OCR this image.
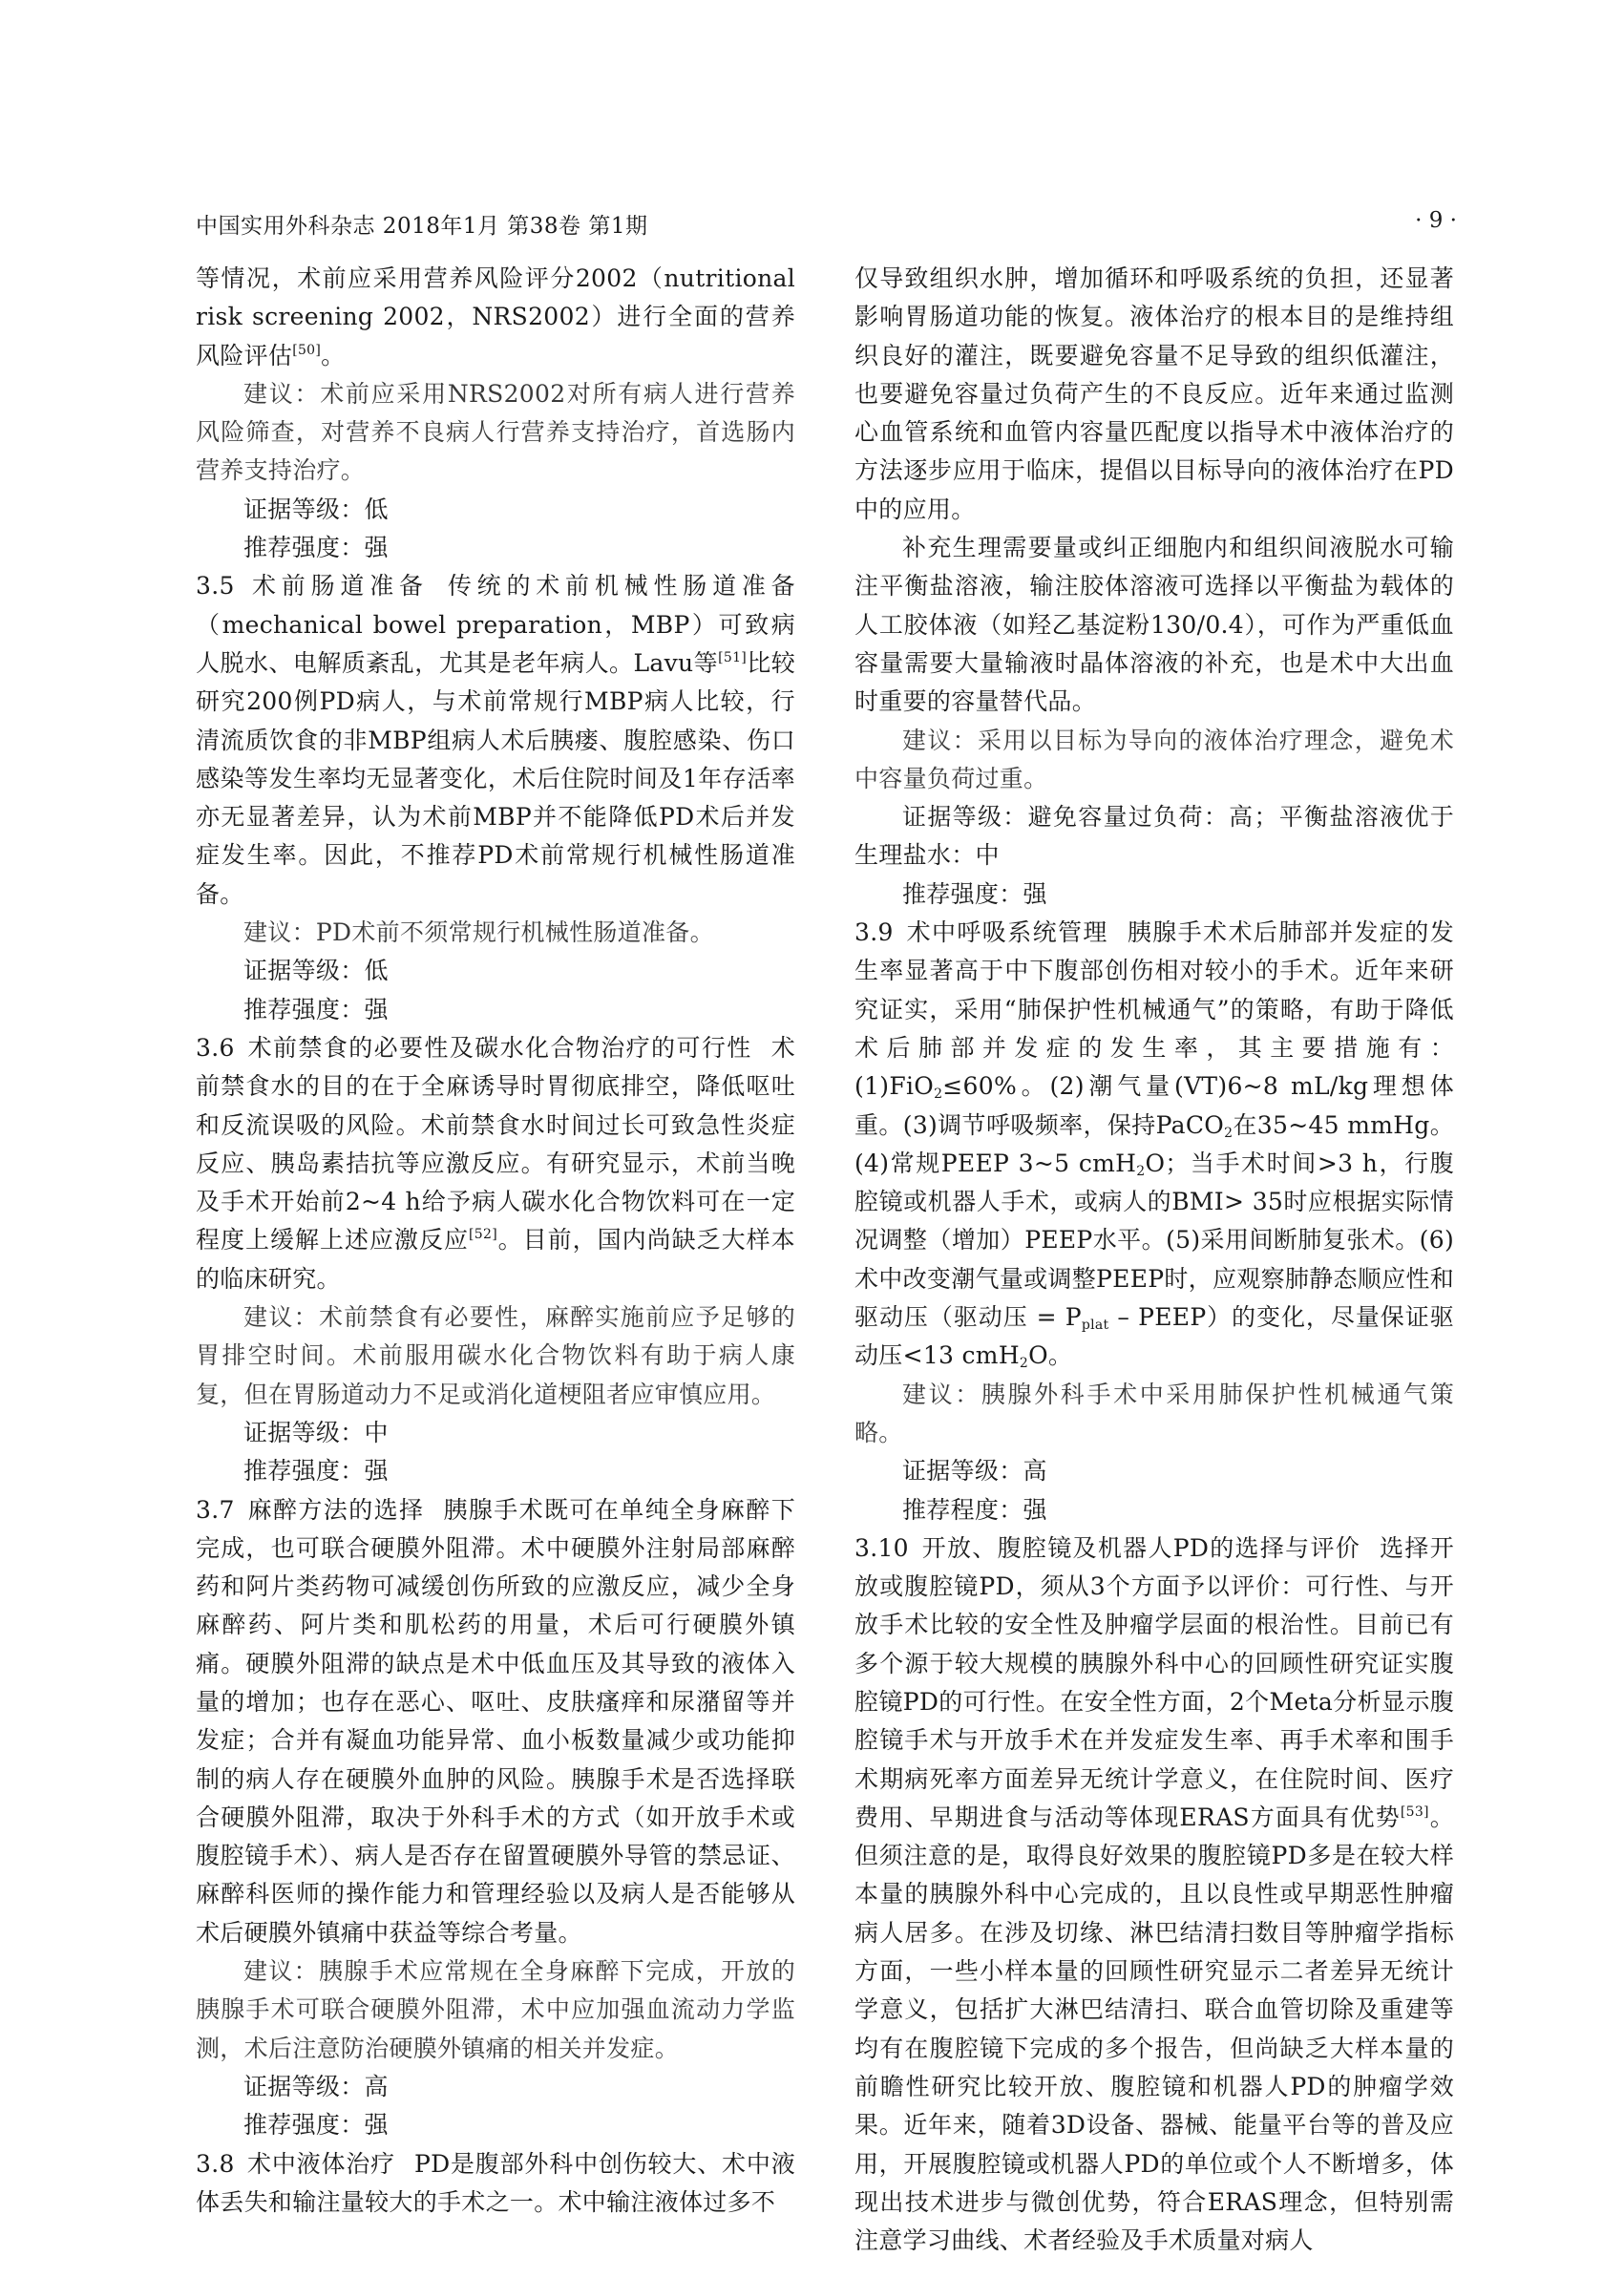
中国实用外科杂志 2018年1月 第38卷 第1期	· 9 ·

等情况，术前应采用营养风险评分2002（nutritional risk screening 2002，NRS2002）进行全面的营养风险评估[50]。

建议：术前应采用NRS2002对所有病人进行营养风险筛查，对营养不良病人行营养支持治疗，首选肠内营养支持治疗。

证据等级：低

推荐强度：强

3.5  术前肠道准备 传统的术前机械性肠道准备（mechanical bowel preparation，MBP）可致病人脱水、电解质紊乱，尤其是老年病人。Lavu等[51]比较研究200例PD病人，与术前常规行MBP病人比较，行清流质饮食的非MBP组病人术后胰瘘、腹腔感染、伤口感染等发生率均无显著变化，术后住院时间及1年存活率亦无显著差异，认为术前MBP并不能降低PD术后并发症发生率。因此，不推荐PD术前常规行机械性肠道准备。

建议：PD术前不须常规行机械性肠道准备。

证据等级：低

推荐强度：强

3.6  术前禁食的必要性及碳水化合物治疗的可行性 术前禁食水的目的在于全麻诱导时胃彻底排空，降低呕吐和反流误吸的风险。术前禁食水时间过长可致急性炎症反应、胰岛素拮抗等应激反应。有研究显示，术前当晚及手术开始前2~4 h给予病人碳水化合物饮料可在一定程度上缓解上述应激反应[52]。目前，国内尚缺乏大样本的临床研究。

建议：术前禁食有必要性，麻醉实施前应予足够的胃排空时间。术前服用碳水化合物饮料有助于病人康复，但在胃肠道动力不足或消化道梗阻者应审慎应用。

证据等级：中

推荐强度：强

3.7  麻醉方法的选择 胰腺手术既可在单纯全身麻醉下完成，也可联合硬膜外阻滞。术中硬膜外注射局部麻醉药和阿片类药物可减缓创伤所致的应激反应，减少全身麻醉药、阿片类和肌松药的用量，术后可行硬膜外镇痛。硬膜外阻滞的缺点是术中低血压及其导致的液体入量的增加；也存在恶心、呕吐、皮肤瘙痒和尿潴留等并发症；合并有凝血功能异常、血小板数量减少或功能抑制的病人存在硬膜外血肿的风险。胰腺手术是否选择联合硬膜外阻滞，取决于外科手术的方式（如开放手术或腹腔镜手术）、病人是否存在留置硬膜外导管的禁忌证、麻醉科医师的操作能力和管理经验以及病人是否能够从术后硬膜外镇痛中获益等综合考量。

建议：胰腺手术应常规在全身麻醉下完成，开放的胰腺手术可联合硬膜外阻滞，术中应加强血流动力学监测，术后注意防治硬膜外镇痛的相关并发症。

证据等级：高

推荐强度：强

3.8  术中液体治疗 PD是腹部外科中创伤较大、术中液体丢失和输注量较大的手术之一。术中输注液体过多不

仅导致组织水肿，增加循环和呼吸系统的负担，还显著影响胃肠道功能的恢复。液体治疗的根本目的是维持组织良好的灌注，既要避免容量不足导致的组织低灌注，也要避免容量过负荷产生的不良反应。近年来通过监测心血管系统和血管内容量匹配度以指导术中液体治疗的方法逐步应用于临床，提倡以目标导向的液体治疗在PD中的应用。

补充生理需要量或纠正细胞内和组织间液脱水可输注平衡盐溶液，输注胶体溶液可选择以平衡盐为载体的人工胶体液（如羟乙基淀粉130/0.4），可作为严重低血容量需要大量输液时晶体溶液的补充，也是术中大出血时重要的容量替代品。

建议：采用以目标为导向的液体治疗理念，避免术中容量负荷过重。

证据等级：避免容量过负荷：高；平衡盐溶液优于生理盐水：中

推荐强度：强

3.9  术中呼吸系统管理 胰腺手术术后肺部并发症的发生率显著高于中下腹部创伤相对较小的手术。近年来研究证实，采用“肺保护性机械通气”的策略，有助于降低术后肺部并发症的发生率，其主要措施有：(1)FiO$_2$≤60%。(2)潮气量(VT)6~8 mL/kg理想体重。(3)调节呼吸频率，保持PaCO$_2$在35~45 mmHg。(4)常规PEEP 3~5 cmH$_2$O；当手术时间>3 h，行腹腔镜或机器人手术，或病人的BMI> 35时应根据实际情况调整（增加）PEEP水平。(5)采用间断肺复张术。(6)术中改变潮气量或调整PEEP时，应观察肺静态顺应性和驱动压（驱动压 = $P_{plat}$ – PEEP）的变化，尽量保证驱动压<13 cmH$_2$O。

建议：胰腺外科手术中采用肺保护性机械通气策略。

证据等级：高

推荐程度：强

3.10  开放、腹腔镜及机器人PD的选择与评价 选择开放或腹腔镜PD，须从3个方面予以评价：可行性、与开放手术比较的安全性及肿瘤学层面的根治性。目前已有多个源于较大规模的胰腺外科中心的回顾性研究证实腹腔镜PD的可行性。在安全性方面，2个Meta分析显示腹腔镜手术与开放手术在并发症发生率、再手术率和围手术期病死率方面差异无统计学意义，在住院时间、医疗费用、早期进食与活动等体现ERAS方面具有优势[53]。但须注意的是，取得良好效果的腹腔镜PD多是在较大样本量的胰腺外科中心完成的，且以良性或早期恶性肿瘤病人居多。在涉及切缘、淋巴结清扫数目等肿瘤学指标方面，一些小样本量的回顾性研究显示二者差异无统计学意义，包括扩大淋巴结清扫、联合血管切除及重建等均有在腹腔镜下完成的多个报告，但尚缺乏大样本量的前瞻性研究比较开放、腹腔镜和机器人PD的肿瘤学效果。近年来，随着3D设备、器械、能量平台等的普及应用，开展腹腔镜或机器人PD的单位或个人不断增多，体现出技术进步与微创优势，符合ERAS理念，但特别需注意学习曲线、术者经验及手术质量对病人
